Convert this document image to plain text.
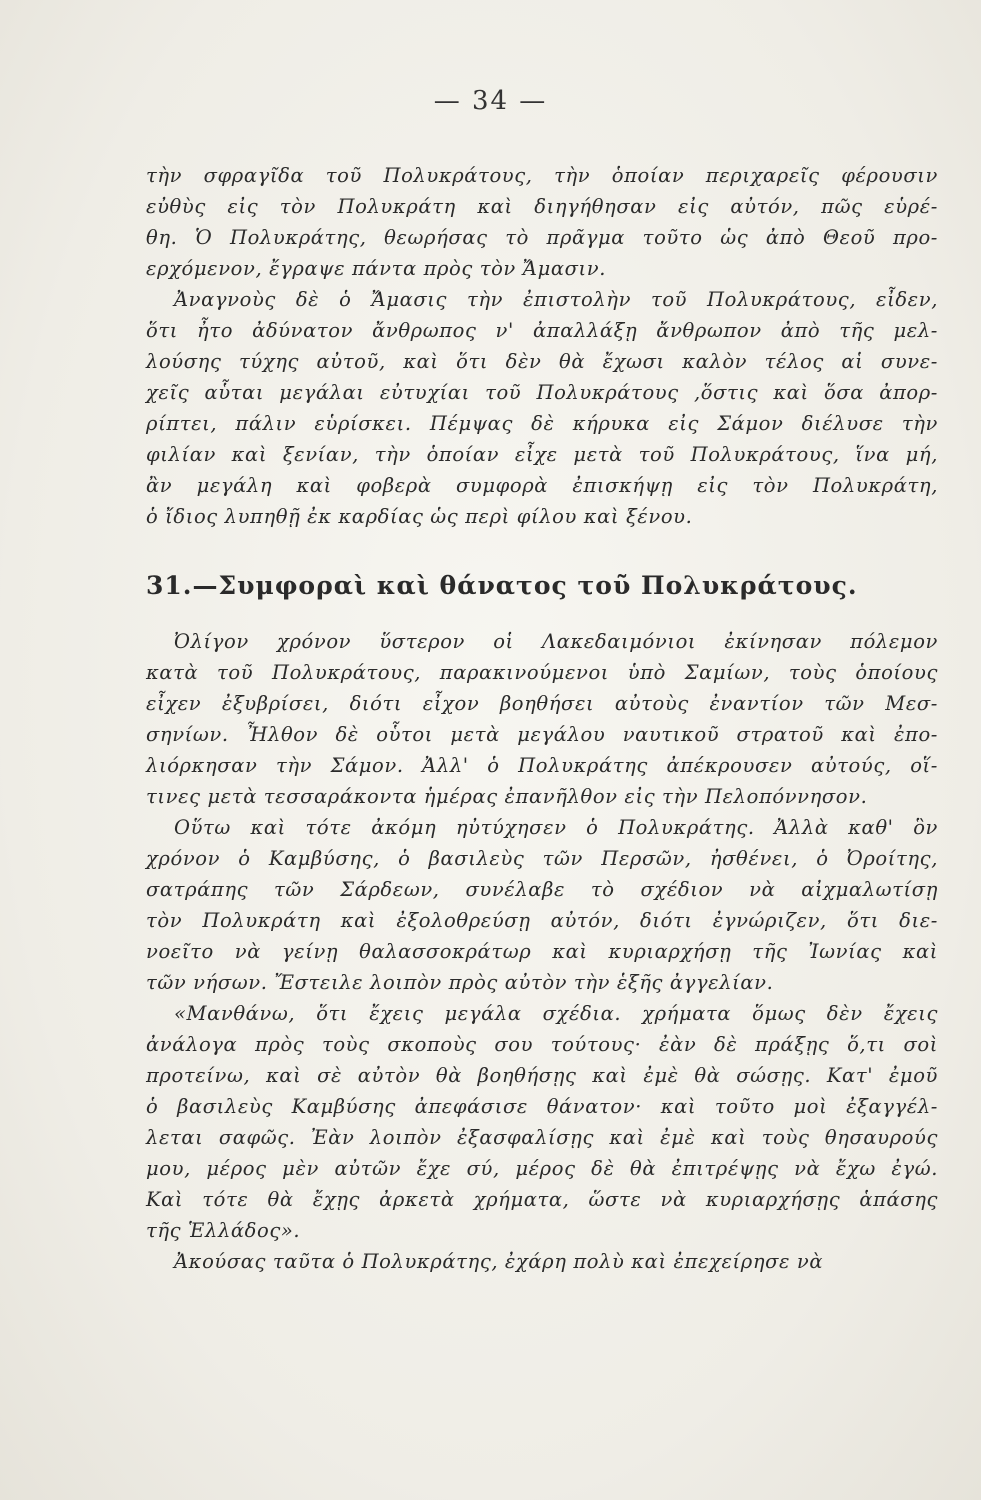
— 34 —
τὴν σφραγῖδα τοῦ Πολυκράτους, τὴν ὁποίαν περιχαρεῖς φέρουσιν
εὐθὺς εἰς τὸν Πολυκράτη καὶ διηγήθησαν εἰς αὐτόν, πῶς εὑρέ-
θη. Ὁ Πολυκράτης, θεωρήσας τὸ πρᾶγμα τοῦτο ὡς ἀπὸ Θεοῦ προ-
ερχόμενον, ἔγραψε πάντα πρὸς τὸν Ἄμασιν.
Ἀναγνοὺς δὲ ὁ Ἄμασις τὴν ἐπιστολὴν τοῦ Πολυκράτους, εἶδεν,
ὅτι ἦτο ἀδύνατον ἄνθρωπος ν' ἀπαλλάξῃ ἄνθρωπον ἀπὸ τῆς μελ-
λούσης τύχης αὐτοῦ, καὶ ὅτι δὲν θὰ ἔχωσι καλὸν τέλος αἱ συνε-
χεῖς αὗται μεγάλαι εὐτυχίαι τοῦ Πολυκράτους ,ὅστις καὶ ὅσα ἀπορ-
ρίπτει, πάλιν εὑρίσκει. Πέμψας δὲ κήρυκα εἰς Σάμον διέλυσε τὴν
φιλίαν καὶ ξενίαν, τὴν ὁποίαν εἶχε μετὰ τοῦ Πολυκράτους, ἵνα μή,
ἂν μεγάλη καὶ φοβερὰ συμφορὰ ἐπισκήψῃ εἰς τὸν Πολυκράτη,
ὁ ἴδιος λυπηθῇ ἐκ καρδίας ὡς περὶ φίλου καὶ ξένου.
31.—Συμφοραὶ καὶ θάνατος τοῦ Πολυκράτους.
Ὀλίγον χρόνον ὕστερον οἱ Λακεδαιμόνιοι ἐκίνησαν πόλεμον
κατὰ τοῦ Πολυκράτους, παρακινούμενοι ὑπὸ Σαμίων, τοὺς ὁποίους
εἶχεν ἐξυβρίσει, διότι εἶχον βοηθήσει αὐτοὺς ἐναντίον τῶν Μεσ-
σηνίων. Ἦλθον δὲ οὗτοι μετὰ μεγάλου ναυτικοῦ στρατοῦ καὶ ἐπο-
λιόρκησαν τὴν Σάμον. Ἀλλ' ὁ Πολυκράτης ἀπέκρουσεν αὐτούς, οἵ-
τινες μετὰ τεσσαράκοντα ἡμέρας ἐπανῆλθον εἰς τὴν Πελοπόννησον.
Οὕτω καὶ τότε ἀκόμη ηὐτύχησεν ὁ Πολυκράτης. Ἀλλὰ καθ' ὃν
χρόνον ὁ Καμβύσης, ὁ βασιλεὺς τῶν Περσῶν, ἠσθένει, ὁ Ὀροίτης,
σατράπης τῶν Σάρδεων, συνέλαβε τὸ σχέδιον νὰ αἰχμαλωτίσῃ
τὸν Πολυκράτη καὶ ἐξολοθρεύσῃ αὐτόν, διότι ἐγνώριζεν, ὅτι διε-
νοεῖτο νὰ γείνῃ θαλασσοκράτωρ καὶ κυριαρχήσῃ τῆς Ἰωνίας καὶ
τῶν νήσων. Ἔστειλε λοιπὸν πρὸς αὐτὸν τὴν ἑξῆς ἀγγελίαν.
«Μανθάνω, ὅτι ἔχεις μεγάλα σχέδια. χρήματα ὅμως δὲν ἔχεις
ἀνάλογα πρὸς τοὺς σκοποὺς σου τούτους· ἐὰν δὲ πράξῃς ὅ,τι σοὶ
προτείνω, καὶ σὲ αὐτὸν θὰ βοηθήσῃς καὶ ἐμὲ θὰ σώσῃς. Κατ' ἐμοῦ
ὁ βασιλεὺς Καμβύσης ἀπεφάσισε θάνατον· καὶ τοῦτο μοὶ ἐξαγγέλ-
λεται σαφῶς. Ἐὰν λοιπὸν ἐξασφαλίσῃς καὶ ἐμὲ καὶ τοὺς θησαυρούς
μου, μέρος μὲν αὐτῶν ἔχε σύ, μέρος δὲ θὰ ἐπιτρέψῃς νὰ ἔχω ἐγώ.
Καὶ τότε θὰ ἔχῃς ἀρκετὰ χρήματα, ὥστε νὰ κυριαρχήσῃς ἁπάσης
τῆς Ἑλλάδος».
Ἀκούσας ταῦτα ὁ Πολυκράτης, ἐχάρη πολὺ καὶ ἐπεχείρησε νὰ
